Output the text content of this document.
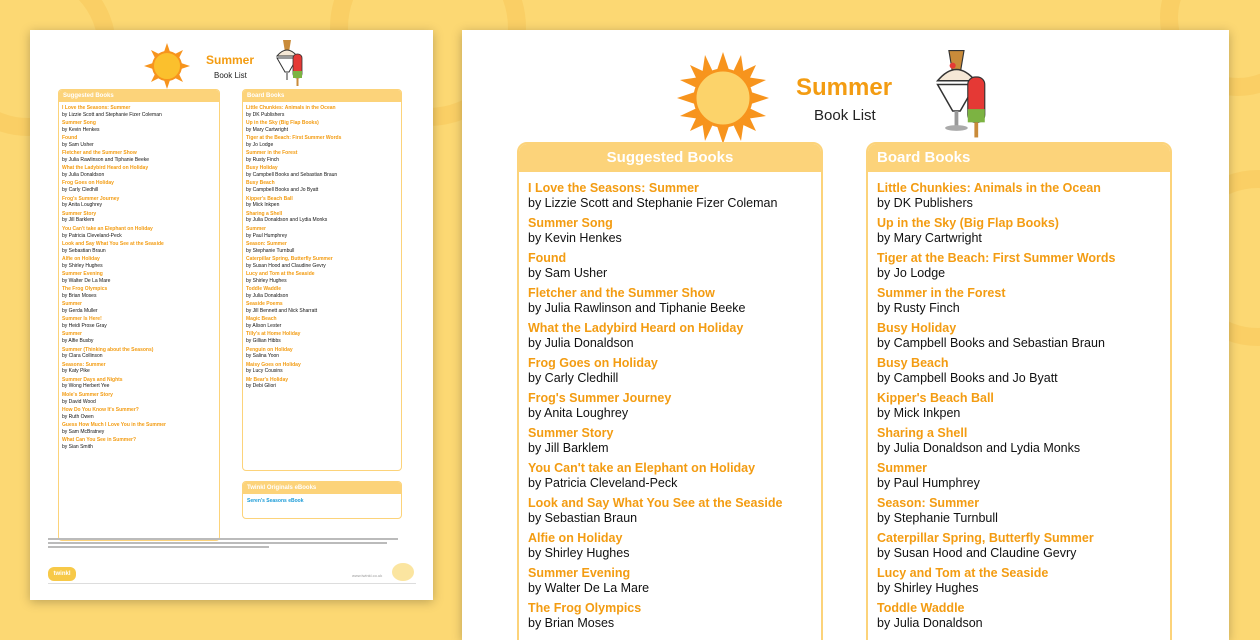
Summer
Book List
Suggested Books
I Love the Seasons: Summer
by Lizzie Scott and Stephanie Fizer Coleman
Summer Song
by Kevin Henkes
Found
by Sam Usher
Fletcher and the Summer Show
by Julia Rawlinson and Tiphanie Beeke
What the Ladybird Heard on Holiday
by Julia Donaldson
Frog Goes on Holiday
by Carly Cledhill
Frog's Summer Journey
by Anita Loughrey
Summer Story
by Jill Barklem
You Can't take an Elephant on Holiday
by Patricia Cleveland-Peck
Look and Say What You See at the Seaside
by Sebastian Braun
Alfie on Holiday
by Shirley Hughes
Summer Evening
by Walter De La Mare
The Frog Olympics
by Brian Moses
Summer
by Gerda Muller
Summer Is Here!
by Heidi Prose Gray
Summer
by Alfie Busby
Summer (Thinking about the Seasons)
by Clara Collinson
Seasons: Summer
by Katy Pike
Summer Days and Nights
by Wong Herbert Yee
Mole's Summer Story
by David Wood
How Do You Know It's Summer?
by Ruth Owen
Guess How Much I Love You in the Summer
by Sam McBratney
What Can You See in Summer?
by Sian Smith
Board Books
Little Chunkies: Animals in the Ocean
by DK Publishers
Up in the Sky (Big Flap Books)
by Mary Cartwright
Tiger at the Beach: First Summer Words
by Jo Lodge
Summer in the Forest
by Rusty Finch
Busy Holiday
by Campbell Books and Sebastian Braun
Busy Beach
by Campbell Books and Jo Byatt
Kipper's Beach Ball
by Mick Inkpen
Sharing a Shell
by Julia Donaldson and Lydia Monks
Summer
by Paul Humphrey
Season: Summer
by Stephanie Turnbull
Caterpillar Spring, Butterfly Summer
by Susan Hood and Claudine Gevry
Lucy and Tom at the Seaside
by Shirley Hughes
Toddle Waddle
by Julia Donaldson
Seaside Poems
by Jill Bennett and Nick Sharratt
Magic Beach
by Alison Lester
Tilly's at Home Holiday
by Gillian Hibbs
Penguin on Holiday
by Salina Yoon
Maisy Goes on Holiday
by Lucy Cousins
Mr Bear's Holiday
by Debi Gliori
Twinkl Originals eBooks
Seren's Seasons eBook
twinkl	www.twinkl.co.uk
Summer
Book List
Suggested Books
I Love the Seasons: Summer
by Lizzie Scott and Stephanie Fizer Coleman
Summer Song
by Kevin Henkes
Found
by Sam Usher
Fletcher and the Summer Show
by Julia Rawlinson and Tiphanie Beeke
What the Ladybird Heard on Holiday
by Julia Donaldson
Frog Goes on Holiday
by Carly Cledhill
Frog's Summer Journey
by Anita Loughrey
Summer Story
by Jill Barklem
You Can't take an Elephant on Holiday
by Patricia Cleveland-Peck
Look and Say What You See at the Seaside
by Sebastian Braun
Alfie on Holiday
by Shirley Hughes
Summer Evening
by Walter De La Mare
The Frog Olympics
by Brian Moses
Board Books
Little Chunkies: Animals in the Ocean
by DK Publishers
Up in the Sky (Big Flap Books)
by Mary Cartwright
Tiger at the Beach: First Summer Words
by Jo Lodge
Summer in the Forest
by Rusty Finch
Busy Holiday
by Campbell Books and Sebastian Braun
Busy Beach
by Campbell Books and Jo Byatt
Kipper's Beach Ball
by Mick Inkpen
Sharing a Shell
by Julia Donaldson and Lydia Monks
Summer
by Paul Humphrey
Season: Summer
by Stephanie Turnbull
Caterpillar Spring, Butterfly Summer
by Susan Hood and Claudine Gevry
Lucy and Tom at the Seaside
by Shirley Hughes
Toddle Waddle
by Julia Donaldson
